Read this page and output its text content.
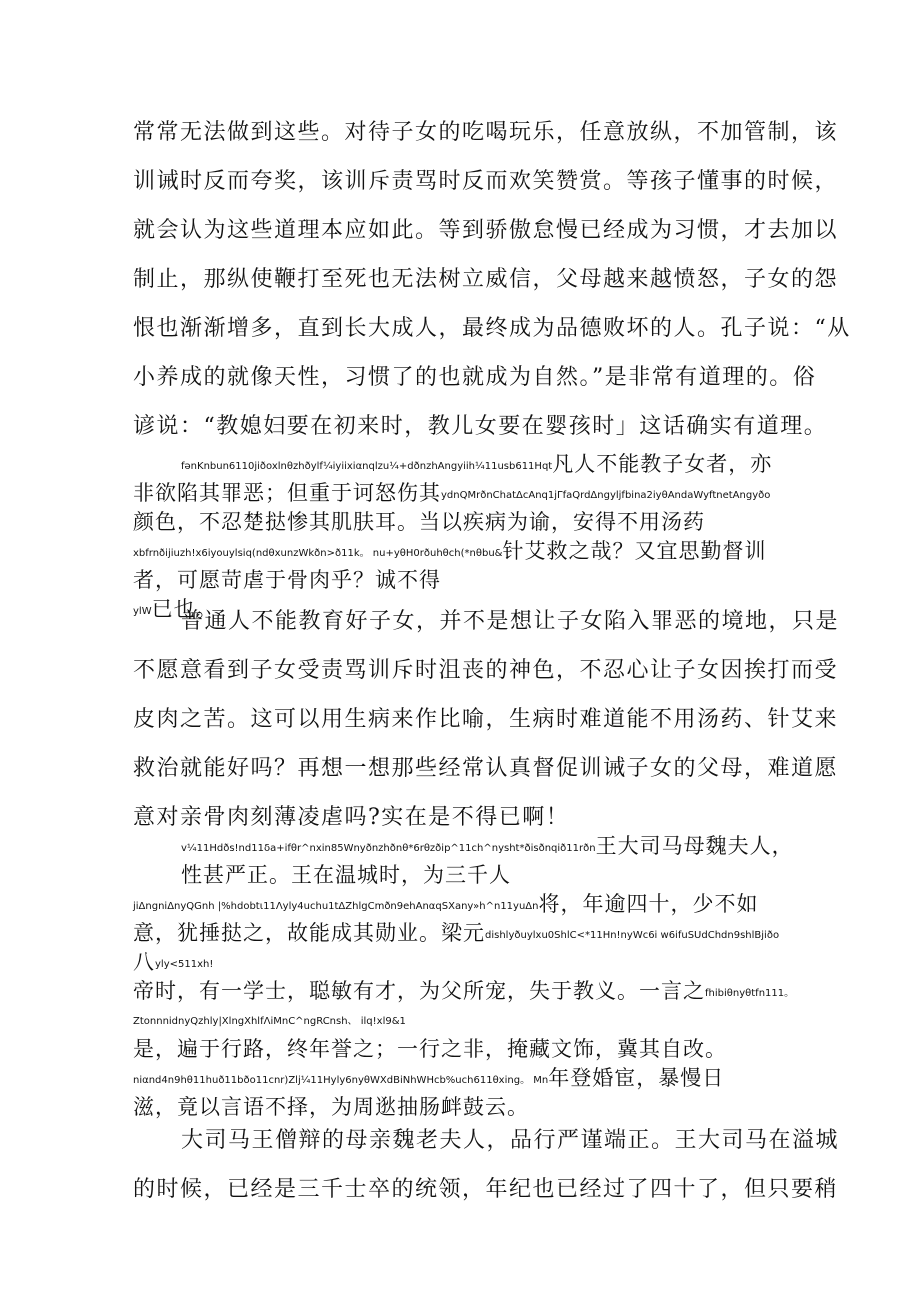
常常无法做到这些。对待子女的吃喝玩乐，任意放纵，不加管制，该
训诫时反而夸奖，该训斥责骂时反而欢笑赞赏。等孩子懂事的时候，
就会认为这些道理本应如此。等到骄傲怠慢已经成为习惯，才去加以
制止，那纵使鞭打至死也无法树立威信，父母越来越愤怒，子女的怨
恨也渐渐增多，直到长大成人，最终成为品德败坏的人。孔子说：“从
小养成的就像天性，习惯了的也就成为自然。”是非常有道理的。俗
谚说：“教媳妇要在初来时，教儿女要在婴孩时」这话确实有道理。
fənKnbun6110jiðoxlnθzhðylf¼iyiixiαnqlzu¼+dðnzhAngyiih¼11usb611Hqt凡人不能教子女者，亦
非欲陷其罪恶；但重于诃怒伤其ydnQMrðnChatΔcAnq1jΓfaQrdΔngyljfbina2iyθAndaWyftnetAngyðo
颜色，不忍楚挞惨其肌肤耳。当以疾病为谕，安得不用汤药
xbfrnðijiuzh!x6iyouylsiq(ndθxunzWkðn>ð11k。 nu+yθH0rðuhθch(*nθbu&针艾救之哉？又宜思勤督训
者，可愿苛虐于骨肉乎？诚不得
ylW已也。
普通人不能教育好子女，并不是想让子女陷入罪恶的境地，只是
不愿意看到子女受责骂训斥时沮丧的神色，不忍心让子女因挨打而受
皮肉之苦。这可以用生病来作比喻，生病时难道能不用汤药、针艾来
救治就能好吗？再想一想那些经常认真督促训诫子女的父母，难道愿
意对亲骨肉刻薄凌虐吗?实在是不得已啊！
v¼11Hdðs!nd11δa+ifθr^nxin85Wnyðnzhðnθ*6rθzðip^11ch^nysht*ðisðnqið11rðn王大司马母魏夫人，
性甚严正。王在温城时，为三千人
jiΔngniΔnyQGnh |%hdobtι11Λyly4uchu1tΔZhlgCmðn9ehAnαqSXany»h^n11yuΔn将，年逾四十，少不如
意，犹捶挞之，故能成其勋业。梁元dishlyðuylxu0ShlC<*11Hn!nyWc6i w6ifuSUdChdn9shlBjiðo
八yly<511xh!
帝时，有一学士，聪敏有才，为父所宠，失于教义。一言之fhibiθnyθtfn111。
ZtonnnidnyQzhly|XlngXhlfΛiMnC^ngRCnsh、 ilq!xl9&1
是，遍于行路，终年誉之；一行之非，掩藏文饰，冀其自改。
niαnd4n9hθ11huð11bðo11cnr)Zlj¼11Hyly6nyθWXdBiNhWHcb%uch611θxing。 Mn年登婚宦，暴慢日
滋，竟以言语不择，为周逖抽肠衅鼓云。
大司马王僧辩的母亲魏老夫人，品行严谨端正。王大司马在溢城
的时候，已经是三千士卒的统领，年纪也已经过了四十了，但只要稍
